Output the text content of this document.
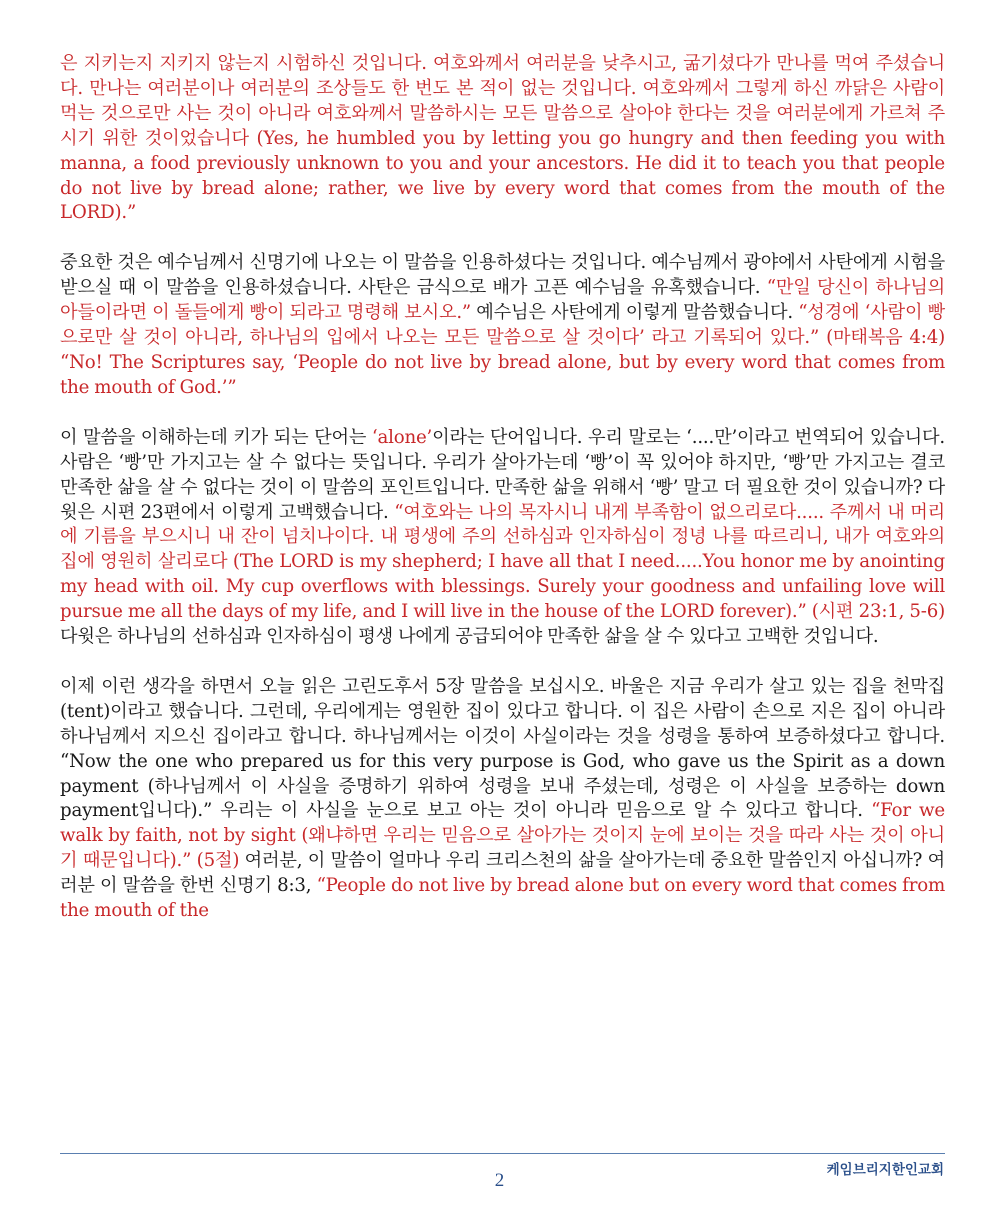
은 지키는지 지키지 않는지 시험하신 것입니다. 여호와께서 여러분을 낮추시고, 굶기셨다가 만나를 먹여 주셨습니다. 만나는 여러분이나 여러분의 조상들도 한 번도 본 적이 없는 것입니다. 여호와께서 그렇게 하신 까닭은 사람이 먹는 것으로만 사는 것이 아니라 여호와께서 말씀하시는 모든 말씀으로 살아야 한다는 것을 여러분에게 가르쳐 주시기 위한 것이었습니다 (Yes, he humbled you by letting you go hungry and then feeding you with manna, a food previously unknown to you and your ancestors. He did it to teach you that people do not live by bread alone; rather, we live by every word that comes from the mouth of the LORD).”

중요한 것은 예수님께서 신명기에 나오는 이 말씀을 인용하셨다는 것입니다. 예수님께서 광야에서 사탄에게 시험을 받으실 때 이 말씀을 인용하셨습니다. 사탄은 금식으로 배가 고픈 예수님을 유혹했습니다. “만일 당신이 하나님의 아들이라면 이 돌들에게 빵이 되라고 명령해 보시오.” 예수님은 사탄에게 이렇게 말씀했습니다. “성경에 ‘사람이 빵으로만 살 것이 아니라, 하나님의 입에서 나오는 모든 말씀으로 살 것이다’ 라고 기록되어 있다.” (마태복음 4:4) “No! The Scriptures say, ‘People do not live by bread alone, but by every word that comes from the mouth of God.’”

이 말씀을 이해하는데 키가 되는 단어는 ‘alone’이라는 단어입니다. 우리 말로는 ‘....만’이라고 번역되어 있습니다. 사람은 ‘빵’만 가지고는 살 수 없다는 뜻입니다. 우리가 살아가는데 ‘빵’이 꼭 있어야 하지만, ‘빵’만 가지고는 결코 만족한 삶을 살 수 없다는 것이 이 말씀의 포인트입니다. 만족한 삶을 위해서 ‘빵’ 말고 더 필요한 것이 있습니까? 다윗은 시편 23편에서 이렇게 고백했습니다. “여호와는 나의 목자시니 내게 부족함이 없으리로다..... 주께서 내 머리에 기름을 부으시니 내 잔이 넘치나이다. 내 평생에 주의 선하심과 인자하심이 정녕 나를 따르리니, 내가 여호와의 집에 영원히 살리로다 (The LORD is my shepherd; I have all that I need.....You honor me by anointing my head with oil. My cup overflows with blessings. Surely your goodness and unfailing love will pursue me all the days of my life, and I will live in the house of the LORD forever).” (시편 23:1, 5-6) 다윗은 하나님의 선하심과 인자하심이 평생 나에게 공급되어야 만족한 삶을 살 수 있다고 고백한 것입니다.

이제 이런 생각을 하면서 오늘 읽은 고린도후서 5장 말씀을 보십시오. 바울은 지금 우리가 살고 있는 집을 천막집 (tent)이라고 했습니다. 그런데, 우리에게는 영원한 집이 있다고 합니다. 이 집은 사람이 손으로 지은 집이 아니라 하나님께서 지으신 집이라고 합니다. 하나님께서는 이것이 사실이라는 것을 성령을 통하여 보증하셨다고 합니다. “Now the one who prepared us for this very purpose is God, who gave us the Spirit as a down payment (하나님께서 이 사실을 증명하기 위하여 성령을 보내 주셨는데, 성령은 이 사실을 보증하는 down payment입니다).” 우리는 이 사실을 눈으로 보고 아는 것이 아니라 믿음으로 알 수 있다고 합니다. “For we walk by faith, not by sight (왜냐하면 우리는 믿음으로 살아가는 것이지 눈에 보이는 것을 따라 사는 것이 아니기 때문입니다).” (5절) 여러분, 이 말씀이 얼마나 우리 크리스천의 삶을 살아가는데 중요한 말씀인지 아십니까? 여러분 이 말씀을 한번 신명기 8:3, “People do not live by bread alone but on every word that comes from the mouth of the

2	케임브리지한인교회
